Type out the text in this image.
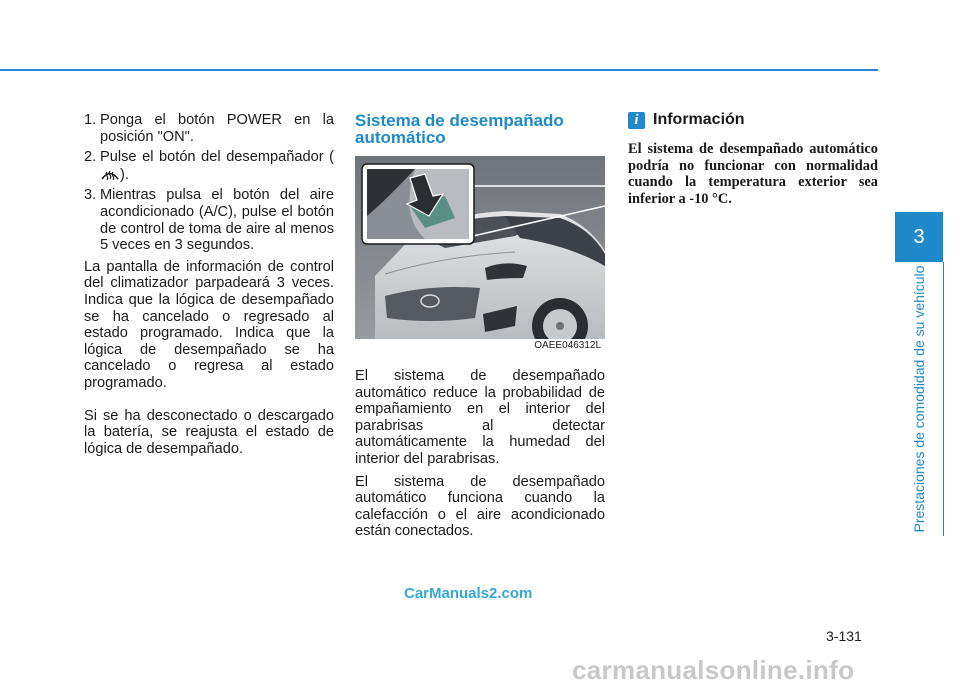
1. Ponga el botón POWER en la posición "ON".
2. Pulse el botón del desempañador ().
3. Mientras pulsa el botón del aire acondicionado (A/C), pulse el botón de control de toma de aire al menos 5 veces en 3 segundos.

La pantalla de información de control del climatizador parpadeará 3 veces. Indica que la lógica de desempañado se ha cancelado o regresado al estado programado. Indica que la lógica de desempañado se ha cancelado o regresa al estado programado.

Si se ha desconectado o descargado la batería, se reajusta el estado de lógica de desempañado.

Sistema de desempañado automático
OAEE046312L

El sistema de desempañado automático reduce la probabilidad de empañamiento en el interior del parabrisas al detectar automáticamente la humedad del interior del parabrisas.

El sistema de desempañado automático funciona cuando la calefacción o el aire acondicionado están conectados.

i Información

El sistema de desempañado automático podría no funcionar con normalidad cuando la temperatura exterior sea inferior a -10 °C.

3
Prestaciones de comodidad de su vehículo
3-131
CarManuals2.com
carmanualsonline.info
